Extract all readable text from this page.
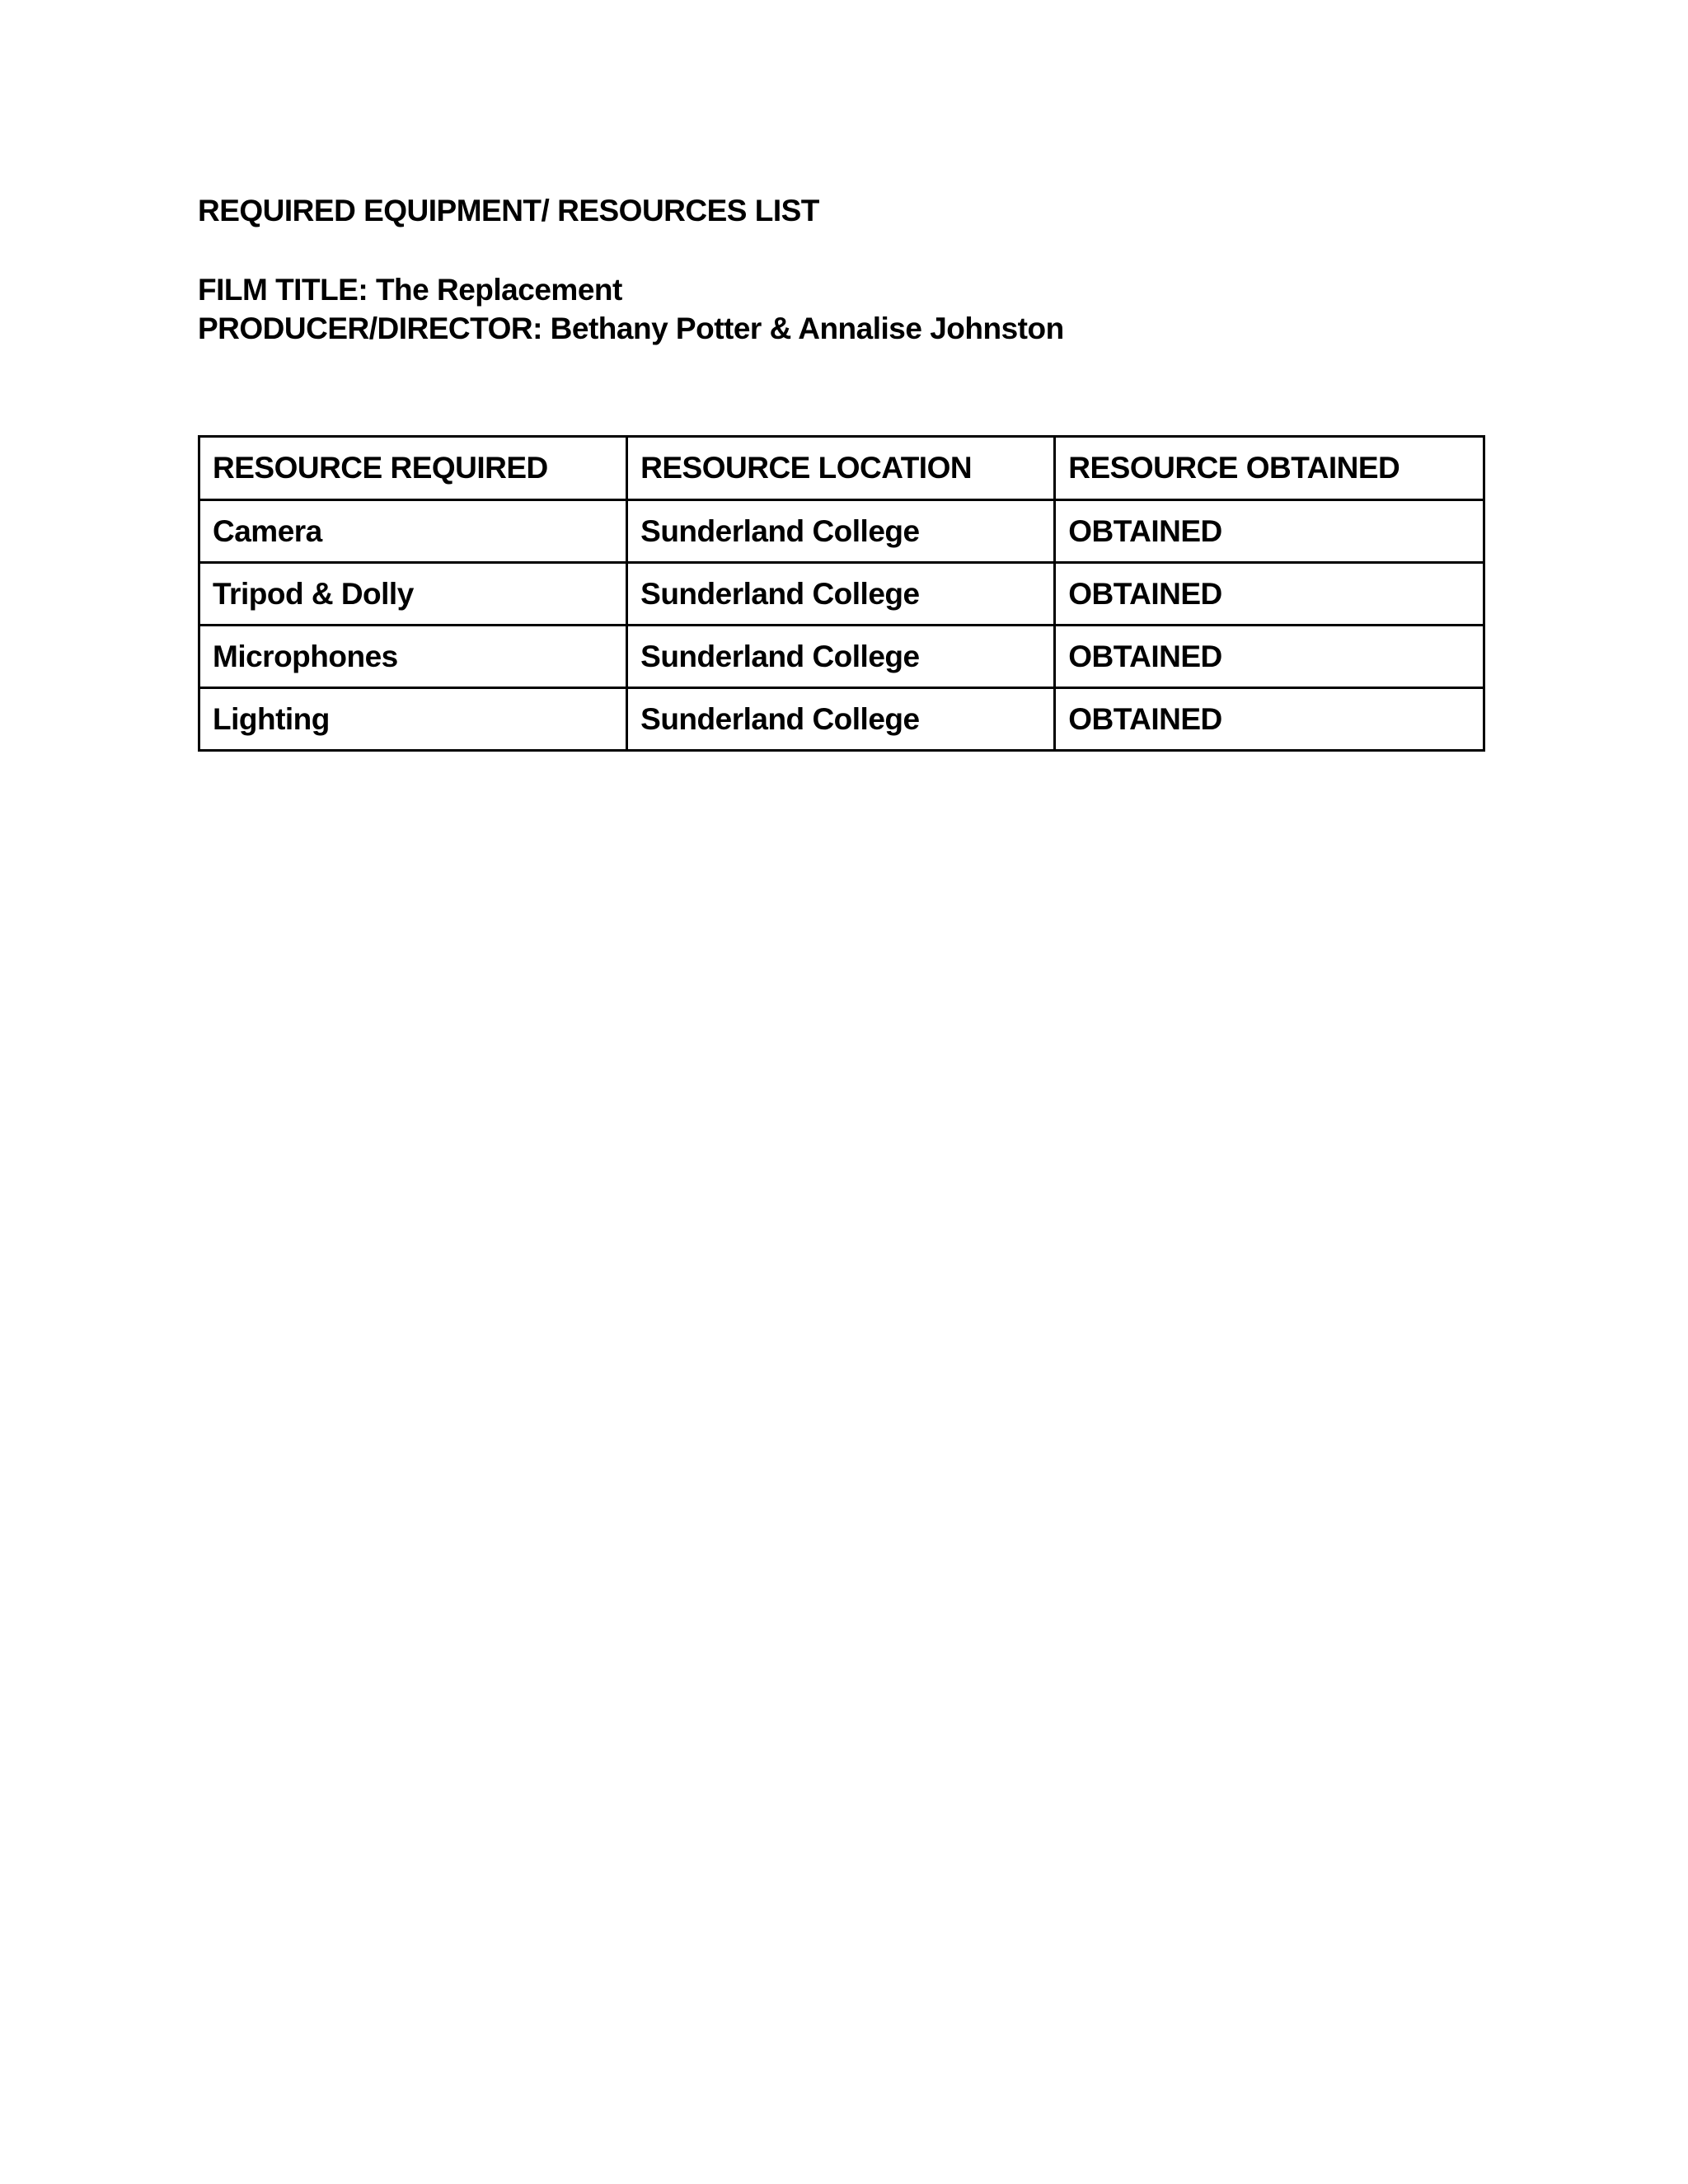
REQUIRED EQUIPMENT/ RESOURCES LIST
FILM TITLE: The Replacement
PRODUCER/DIRECTOR: Bethany Potter & Annalise Johnston
RESOURCE REQUIRED	RESOURCE LOCATION	RESOURCE OBTAINED
Camera	Sunderland College	OBTAINED
Tripod & Dolly	Sunderland College	OBTAINED
Microphones	Sunderland College	OBTAINED
Lighting	Sunderland College	OBTAINED
